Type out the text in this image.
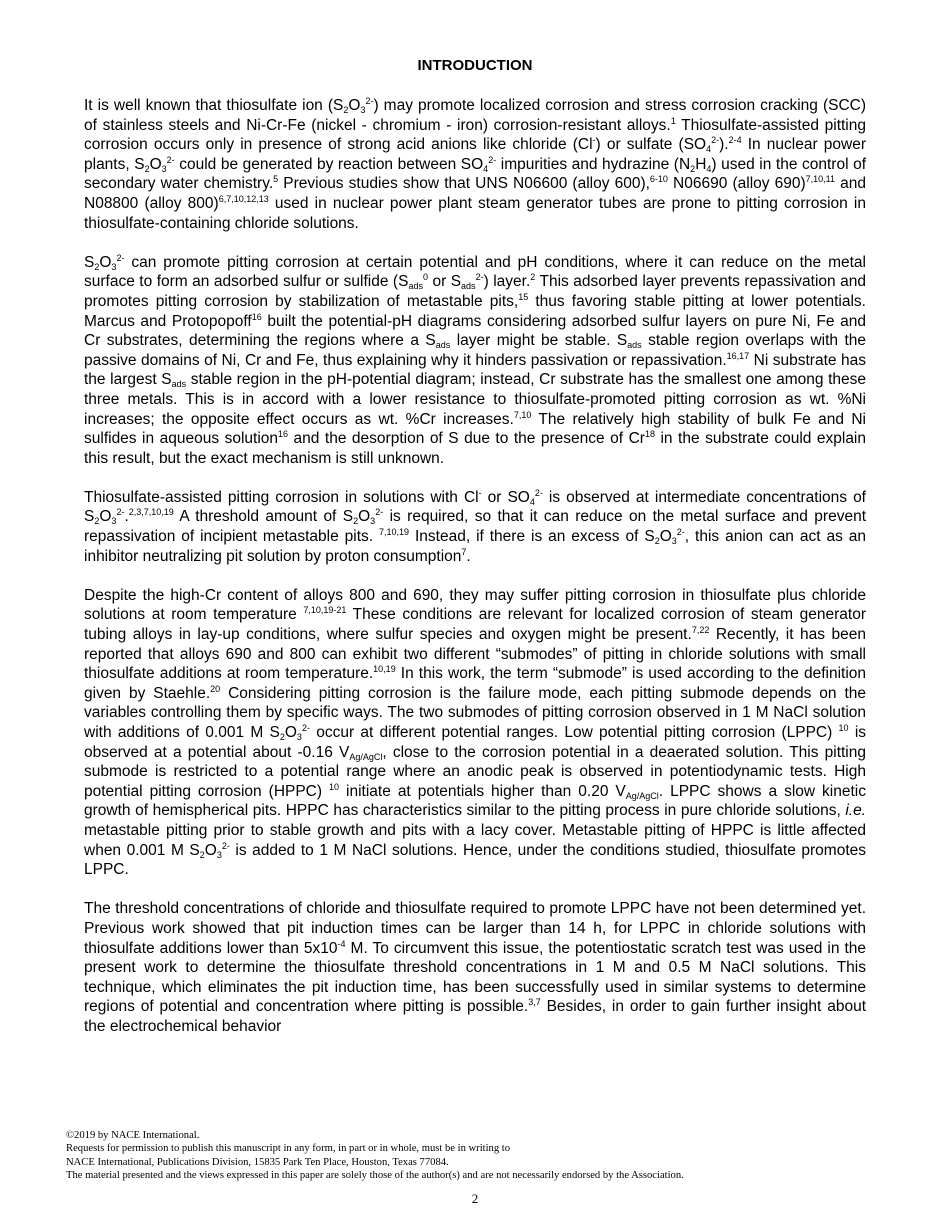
INTRODUCTION

It is well known that thiosulfate ion $(S_2O_3^{2-})$ may promote localized corrosion and stress corrosion cracking (SCC) of stainless steels and Ni-Cr-Fe (nickel - chromium - iron) corrosion-resistant alloys.$^1$ Thiosulfate-assisted pitting corrosion occurs only in presence of strong acid anions like chloride (Cl-) or sulfate $(SO_4^{2-}).^{2-4}$ In nuclear power plants, $S_2O_3^{2-}$ could be generated by reaction between $SO_4^{2-}$ impurities and hydrazine $(N_2H_4)$ used in the control of secondary water chemistry.$^5$ Previous studies show that UNS N06600 (alloy 600),$^{6-10}$ N06690 (alloy 690)$^{7,10,11}$ and N08800 (alloy 800)$^{6,7,10,12,13}$ used in nuclear power plant steam generator tubes are prone to pitting corrosion in thiosulfate-containing chloride solutions.

$S_2O_3^{2-}$ can promote pitting corrosion at certain potential and pH conditions, where it can reduce on the metal surface to form an adsorbed sulfur or sulfide ($S_{ads}^0$ or $S_{ads}^{2-}$) layer.$^2$ This adsorbed layer prevents repassivation and promotes pitting corrosion by stabilization of metastable pits,$^{15}$ thus favoring stable pitting at lower potentials. Marcus and Protopopoff$^{16}$ built the potential-pH diagrams considering adsorbed sulfur layers on pure Ni, Fe and Cr substrates, determining the regions where a $S_{ads}$ layer might be stable. $S_{ads}$ stable region overlaps with the passive domains of Ni, Cr and Fe, thus explaining why it hinders passivation or repassivation.$^{16,17}$ Ni substrate has the largest $S_{ads}$ stable region in the pH-potential diagram; instead, Cr substrate has the smallest one among these three metals. This is in accord with a lower resistance to thiosulfate-promoted pitting corrosion as wt. %Ni increases; the opposite effect occurs as wt. %Cr increases.$^{7,10}$ The relatively high stability of bulk Fe and Ni sulfides in aqueous solution$^{16}$ and the desorption of S due to the presence of Cr$^{18}$ in the substrate could explain this result, but the exact mechanism is still unknown.

Thiosulfate-assisted pitting corrosion in solutions with Cl- or $SO_4^{2-}$ is observed at intermediate concentrations of $S_2O_3^{2-}.^{2,3,7,10,19}$ A threshold amount of $S_2O_3^{2-}$ is required, so that it can reduce on the metal surface and prevent repassivation of incipient metastable pits. $^{7,10,19}$ Instead, if there is an excess of $S_2O_3^{2-}$, this anion can act as an inhibitor neutralizing pit solution by proton consumption$^7$.

Despite the high-Cr content of alloys 800 and 690, they may suffer pitting corrosion in thiosulfate plus chloride solutions at room temperature $^{7,10,19-21}$ These conditions are relevant for localized corrosion of steam generator tubing alloys in lay-up conditions, where sulfur species and oxygen might be present.$^{7,22}$ Recently, it has been reported that alloys 690 and 800 can exhibit two different “submodes” of pitting in chloride solutions with small thiosulfate additions at room temperature.$^{10,19}$ In this work, the term “submode” is used according to the definition given by Staehle.$^{20}$ Considering pitting corrosion is the failure mode, each pitting submode depends on the variables controlling them by specific ways. The two submodes of pitting corrosion observed in 1 M NaCl solution with additions of 0.001 M $S_2O_3^{2-}$ occur at different potential ranges. Low potential pitting corrosion (LPPC) $^{10}$ is observed at a potential about -0.16 $V_{Ag/AgCl}$, close to the corrosion potential in a deaerated solution. This pitting submode is restricted to a potential range where an anodic peak is observed in potentiodynamic tests. High potential pitting corrosion (HPPC) $^{10}$ initiate at potentials higher than 0.20 $V_{Ag/AgCl}$. LPPC shows a slow kinetic growth of hemispherical pits. HPPC has characteristics similar to the pitting process in pure chloride solutions, i.e. metastable pitting prior to stable growth and pits with a lacy cover. Metastable pitting of HPPC is little affected when 0.001 M $S_2O_3^{2-}$ is added to 1 M NaCl solutions. Hence, under the conditions studied, thiosulfate promotes LPPC.

The threshold concentrations of chloride and thiosulfate required to promote LPPC have not been determined yet. Previous work showed that pit induction times can be larger than 14 h, for LPPC in chloride solutions with thiosulfate additions lower than $5x10^{-4}$ M. To circumvent this issue, the potentiostatic scratch test was used in the present work to determine the thiosulfate threshold concentrations in 1 M and 0.5 M NaCl solutions. This technique, which eliminates the pit induction time, has been successfully used in similar systems to determine regions of potential and concentration where pitting is possible.$^{3,7}$ Besides, in order to gain further insight about the electrochemical behavior

©2019 by NACE International.
Requests for permission to publish this manuscript in any form, in part or in whole, must be in writing to
NACE International, Publications Division, 15835 Park Ten Place, Houston, Texas 77084.
The material presented and the views expressed in this paper are solely those of the author(s) and are not necessarily endorsed by the Association.
2
